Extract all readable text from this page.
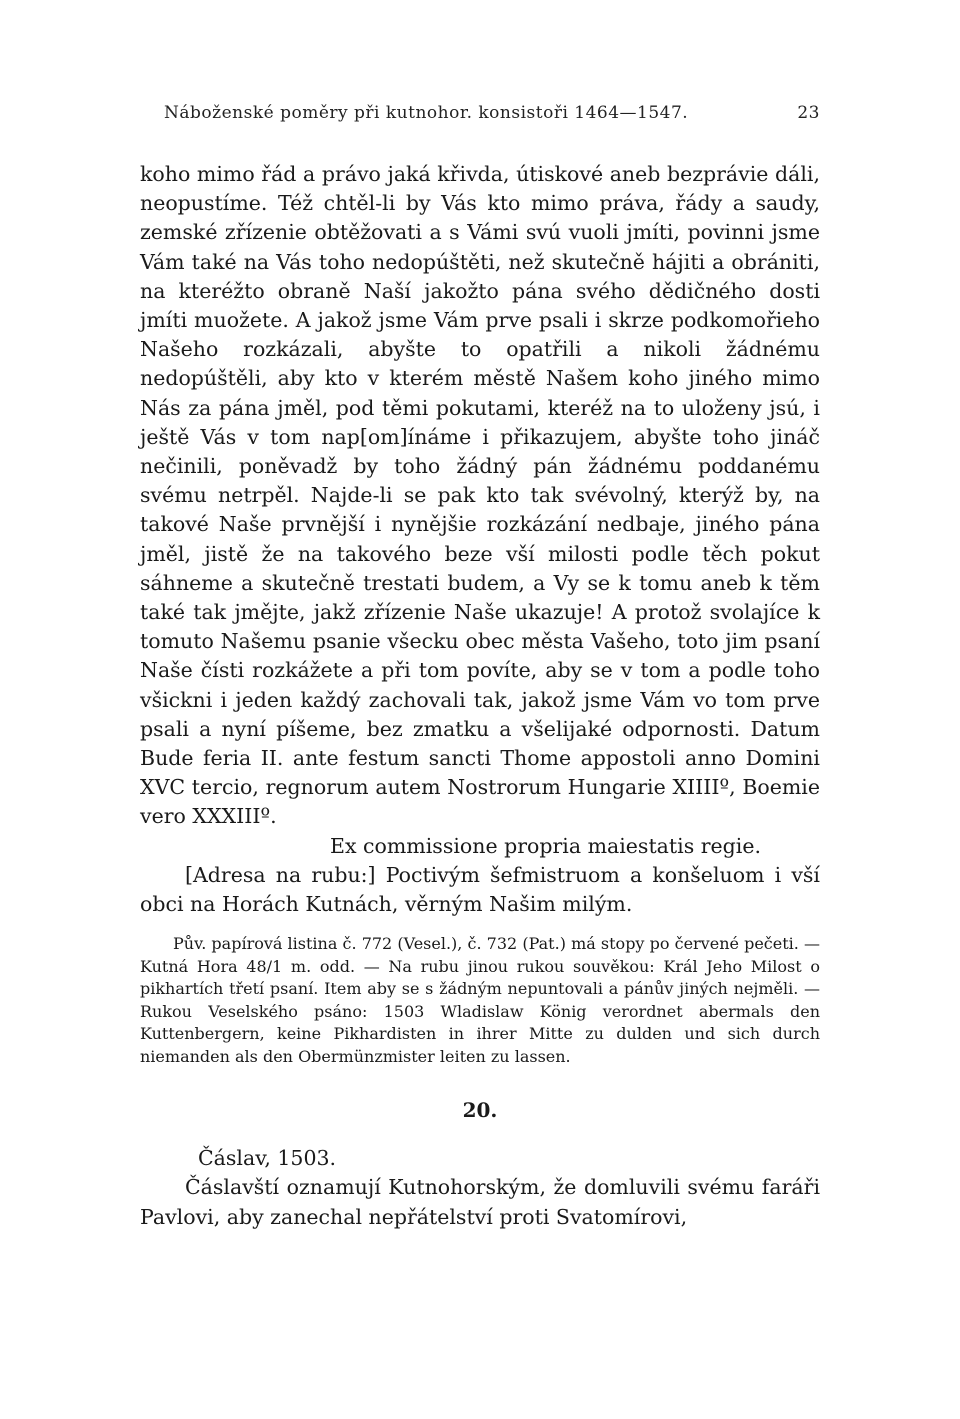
Náboženské poměry při kutnohor. konsistoři 1464—1547.	23

koho mimo řád a právo jaká křivda, útiskové aneb bezprávie dáli, neopustíme. Též chtěl-li by Vás kto mimo práva, řády a saudy, zemské zřízenie obtěžovati a s Vámi svú vuoli jmíti, povinni jsme Vám také na Vás toho nedopúštěti, než skutečně hájiti a obrániti, na kteréžto obraně Naší jakožto pána svého dědičného dosti jmíti muožete. A jakož jsme Vám prve psali i skrze podkomořieho Našeho rozkázali, abyšte to opatřili a nikoli žádnému nedopúštěli, aby kto v kterém městě Našem koho jiného mimo Nás za pána jměl, pod těmi pokutami, kteréž na to uloženy jsú, i ještě Vás v tom nap[om]ínáme i přikazujem, abyšte toho jináč nečinili, poněvadž by toho žádný pán žádnému poddanému svému netrpěl. Najde-li se pak kto tak svévolný, kterýž by, na takové Naše prvnější i nynějšie rozkázání nedbaje, jiného pána jměl, jistě že na takového beze vší milosti podle těch pokut sáhneme a skutečně trestati budem, a Vy se k tomu aneb k těm také tak jmějte, jakž zřízenie Naše ukazuje! A protož svolajíce k tomuto Našemu psanie všecku obec města Vašeho, toto jim psaní Naše čísti rozkážete a při tom povíte, aby se v tom a podle toho všickni i jeden každý zachovali tak, jakož jsme Vám vo tom prve psali a nyní píšeme, bez zmatku a všelijaké odpornosti. Datum Bude feria II. ante festum sancti Thome appostoli anno Domini XVC tercio, regnorum autem Nostrorum Hungarie XIIIIº, Boemie vero XXXIIIº.

Ex commissione propria maiestatis regie.

[Adresa na rubu:] Poctivým šefmistruom a konšeluom i vší obci na Horách Kutnách, věrným Našim milým.

Pův. papírová listina č. 772 (Vesel.), č. 732 (Pat.) má stopy po červené pečeti. — Kutná Hora 48/1 m. odd. — Na rubu jinou rukou souvěkou: Král Jeho Milost o pikhartích třetí psaní. Item aby se s žádným nepuntovali a pánův jiných nejměli. — Rukou Veselského psáno: 1503 Wladislaw König verordnet abermals den Kuttenbergern, keine Pikhardisten in ihrer Mitte zu dulden und sich durch niemanden als den Obermünzmister leiten zu lassen.

20.

Čáslav, 1503.

Čáslavští oznamují Kutnohorským, že domluvili svému faráři Pavlovi, aby zanechal nepřátelství proti Svatomírovi,
